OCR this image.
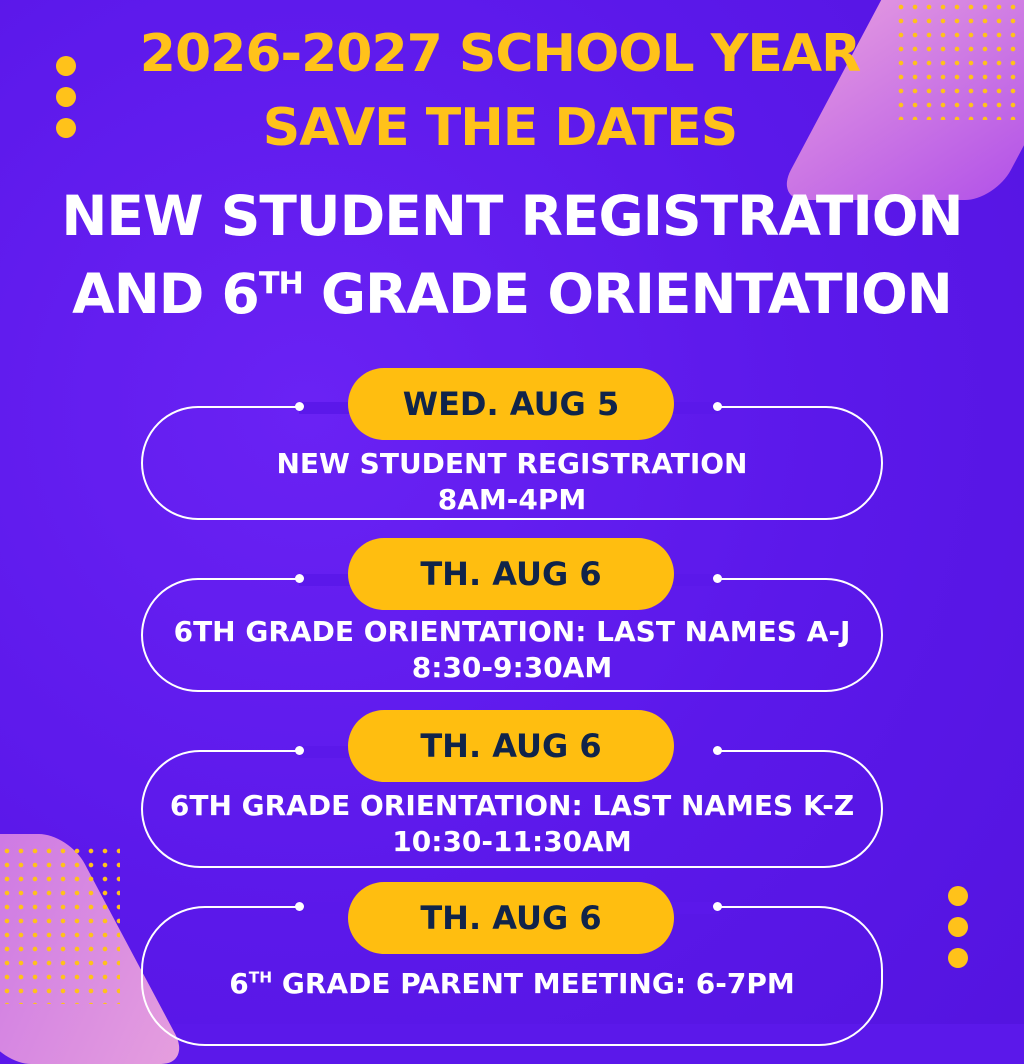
2026-2027 SCHOOL YEAR
SAVE THE DATES
NEW STUDENT REGISTRATION
AND 6TH GRADE ORIENTATION
WED. AUG 5
NEW STUDENT REGISTRATION
8AM-4PM
TH. AUG 6
6TH GRADE ORIENTATION: LAST NAMES A-J
8:30-9:30AM
TH. AUG 6
6TH GRADE ORIENTATION: LAST NAMES K-Z
10:30-11:30AM
TH. AUG 6
6TH GRADE PARENT MEETING: 6-7PM
